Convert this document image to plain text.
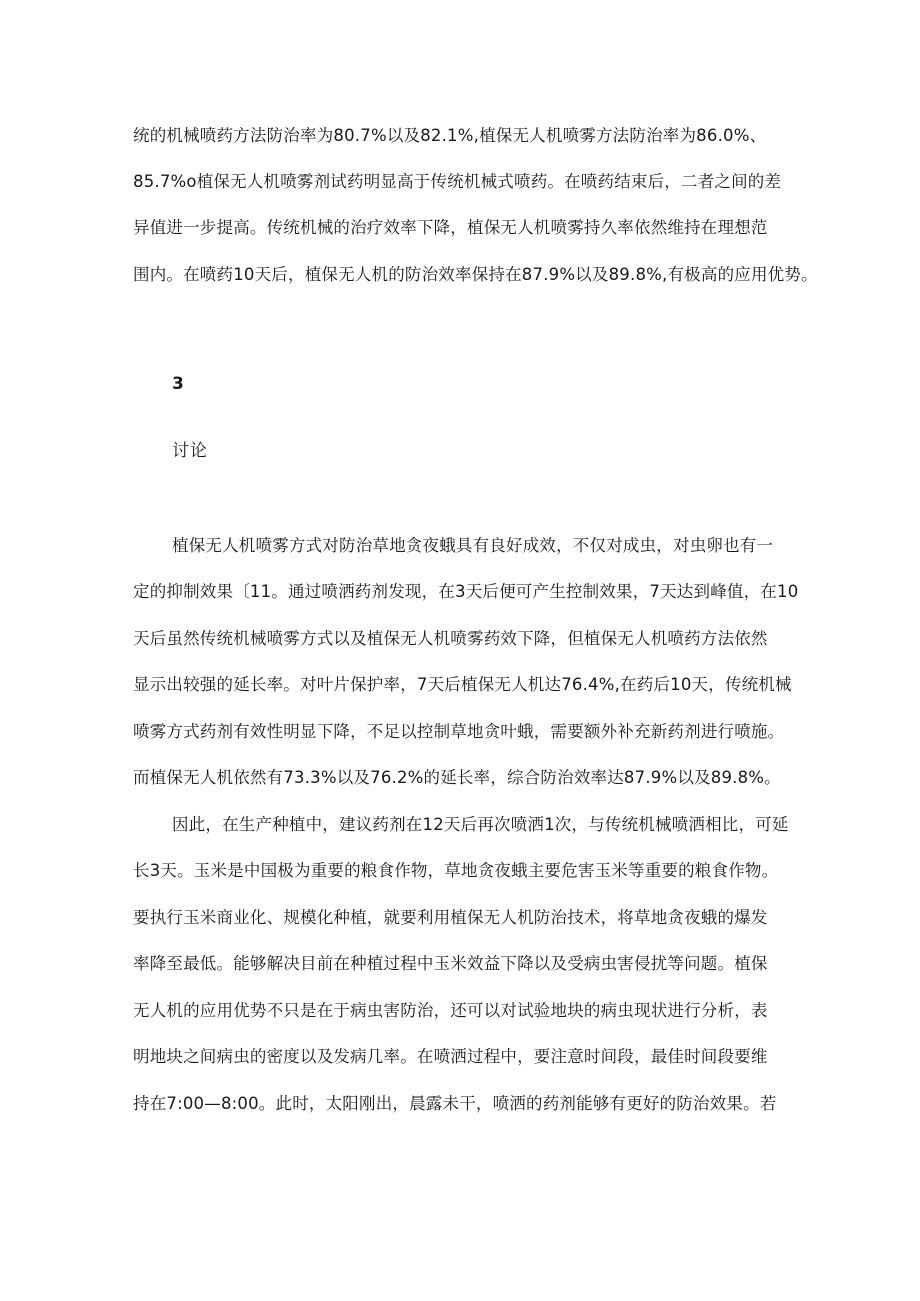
统的机械喷药方法防治率为80.7%以及82.1%,植保无人机喷雾方法防治率为86.0%、
85.7%o植保无人机喷雾剂试药明显高于传统机械式喷药。在喷药结束后，二者之间的差
异值进一步提高。传统机械的治疗效率下降，植保无人机喷雾持久率依然维持在理想范
围内。在喷药10天后，植保无人机的防治效率保持在87.9%以及89.8%,有极高的应用优势。
3
讨论
植保无人机喷雾方式对防治草地贪夜蛾具有良好成效，不仅对成虫，对虫卵也有一
定的抑制效果〔11。通过喷洒药剂发现，在3天后便可产生控制效果，7天达到峰值，在10
天后虽然传统机械喷雾方式以及植保无人机喷雾药效下降，但植保无人机喷药方法依然
显示出较强的延长率。对叶片保护率，7天后植保无人机达76.4%,在药后10天，传统机械
喷雾方式药剂有效性明显下降，不足以控制草地贪叶蛾，需要额外补充新药剂进行喷施。
而植保无人机依然有73.3%以及76.2%的延长率，综合防治效率达87.9%以及89.8%。
因此，在生产种植中，建议药剂在12天后再次喷洒1次，与传统机械喷洒相比，可延
长3天。玉米是中国极为重要的粮食作物，草地贪夜蛾主要危害玉米等重要的粮食作物。
要执行玉米商业化、规模化种植，就要利用植保无人机防治技术，将草地贪夜蛾的爆发
率降至最低。能够解决目前在种植过程中玉米效益下降以及受病虫害侵扰等问题。植保
无人机的应用优势不只是在于病虫害防治，还可以对试验地块的病虫现状进行分析，表
明地块之间病虫的密度以及发病几率。在喷洒过程中，要注意时间段，最佳时间段要维
持在7:00—8:00。此时，太阳刚出，晨露未干，喷洒的药剂能够有更好的防治效果。若
